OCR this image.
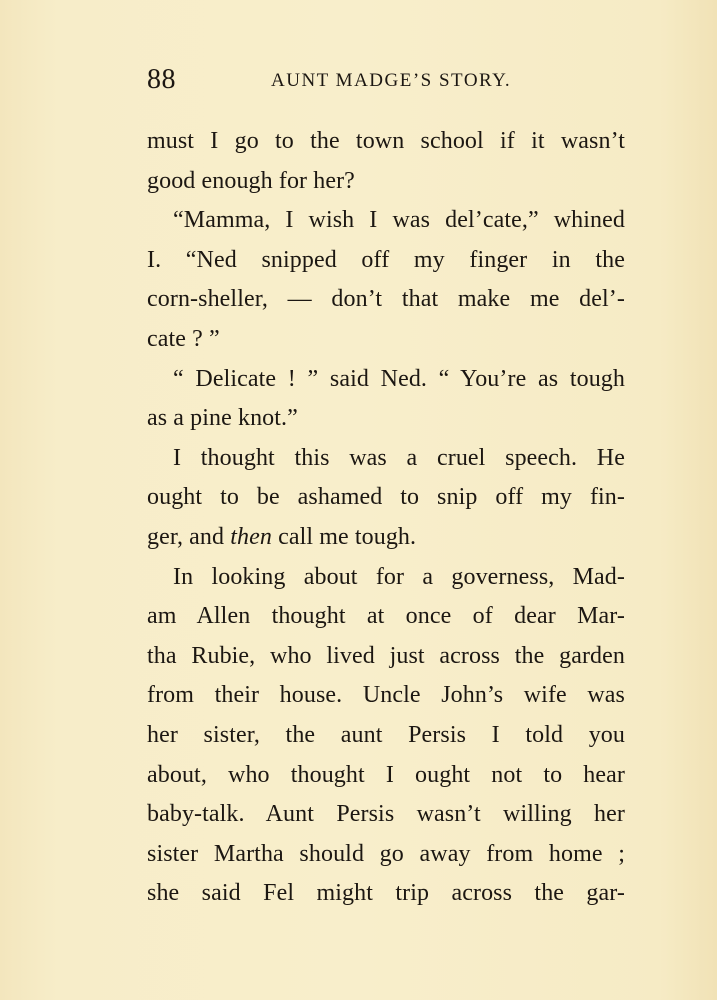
88	AUNT MADGE’S STORY.
must I go to the town school if it wasn’t
good enough for her?
“Mamma, I wish I was del’cate,” whined
I. “Ned snipped off my finger in the
corn-sheller, — don’t that make me del’-
cate ? ”
“ Delicate ! ” said Ned. “ You’re as tough
as a pine knot.”
I thought this was a cruel speech. He
ought to be ashamed to snip off my fin-
ger, and then call me tough.
In looking about for a governess, Mad-
am Allen thought at once of dear Mar-
tha Rubie, who lived just across the garden
from their house. Uncle John’s wife was
her sister, the aunt Persis I told you
about, who thought I ought not to hear
baby-talk. Aunt Persis wasn’t willing her
sister Martha should go away from home ;
she said Fel might trip across the gar-
